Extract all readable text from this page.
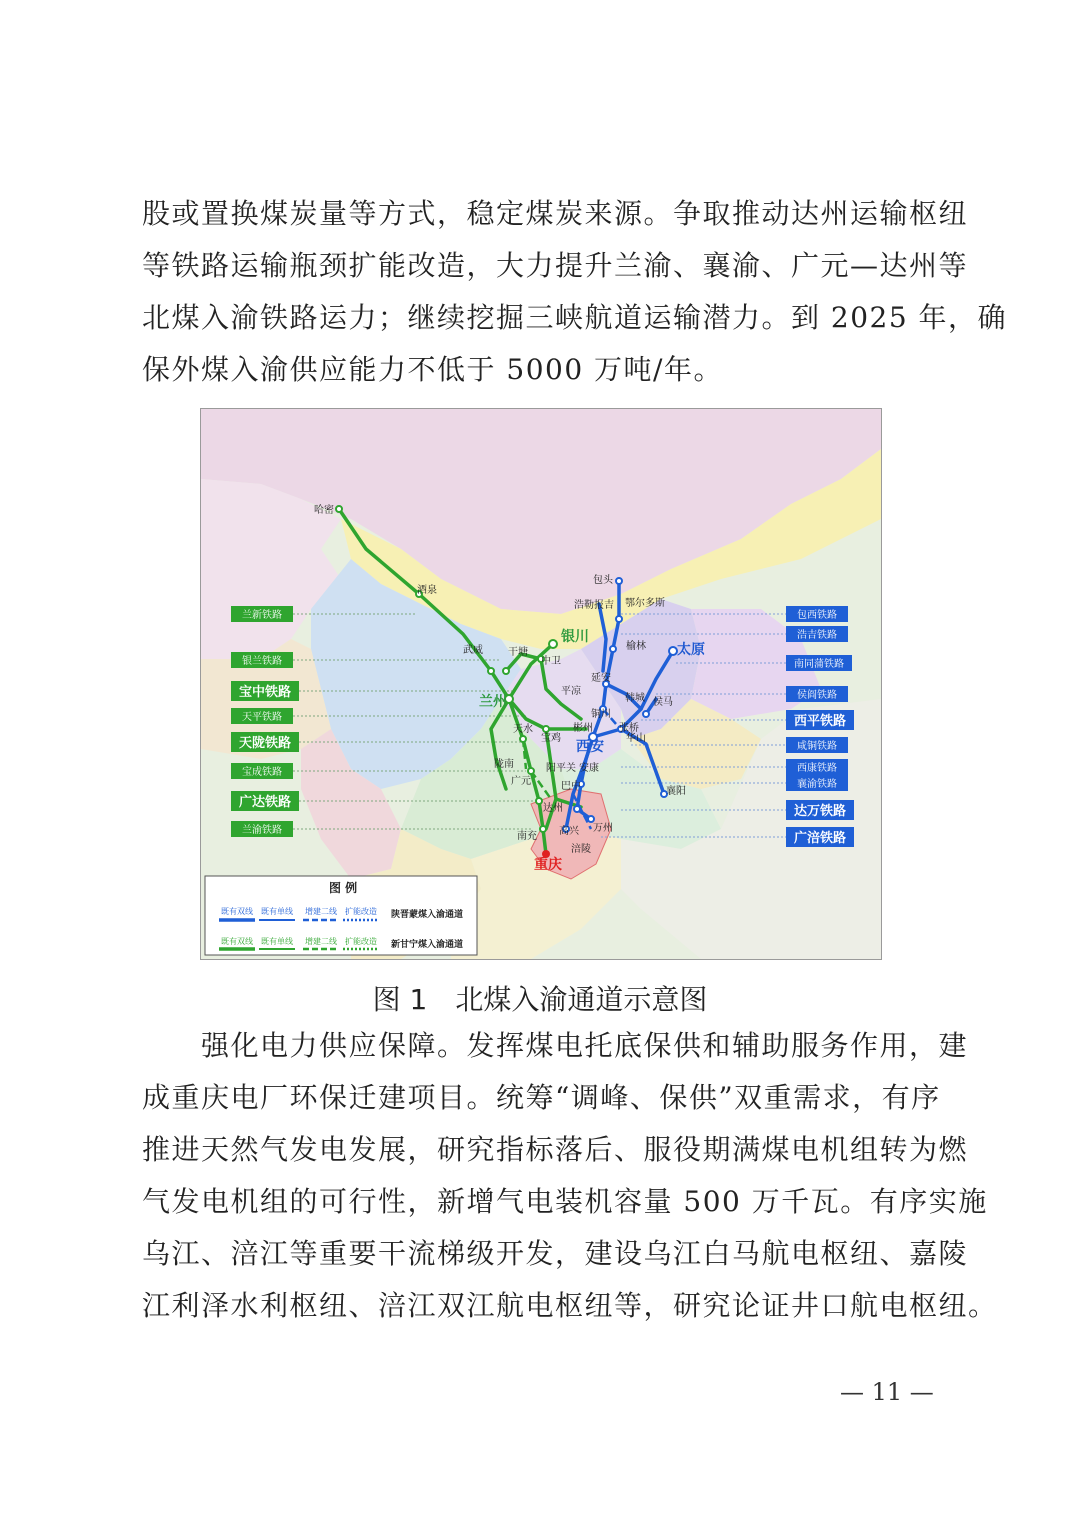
股或置换煤炭量等方式，稳定煤炭来源。争取推动达州运输枢纽
等铁路运输瓶颈扩能改造，大力提升兰渝、襄渝、广元—达州等
北煤入渝铁路运力；继续挖掘三峡航道运输潜力。到 2025 年，确
保外煤入渝供应能力不低于 5000 万吨/年。
哈密
酒泉
武威	干塘
中卫
平凉
天水
宝鸡
陇南
广元
阳平关 安康
巴中
达州
南充 高兴 万州
涪陵
包头
浩勒报吉 鄂尔多斯
榆林
延安
铜川
韩城 侯马
彬州	张桥
华山
襄阳
银川
兰州
太原
西安
重庆
兰新铁路
银兰铁路
宝中铁路
天平铁路
天陇铁路
宝成铁路
广达铁路
兰渝铁路
包西铁路
浩吉铁路
南同蒲铁路
侯阎铁路
西平铁路
咸铜铁路
西康铁路
襄渝铁路
达万铁路
广涪铁路
图 例
既有双线 既有单线 增建二线 扩能改造 陕晋蒙煤入渝通道
既有双线 既有单线 增建二线 扩能改造 新甘宁煤入渝通道
图 1　北煤入渝通道示意图
　　强化电力供应保障。发挥煤电托底保供和辅助服务作用，建
成重庆电厂环保迁建项目。统筹“调峰、保供”双重需求，有序
推进天然气发电发展，研究指标落后、服役期满煤电机组转为燃
气发电机组的可行性，新增气电装机容量 500 万千瓦。有序实施
乌江、涪江等重要干流梯级开发，建设乌江白马航电枢纽、嘉陵
江利泽水利枢纽、涪江双江航电枢纽等，研究论证井口航电枢纽。
— 11 —
